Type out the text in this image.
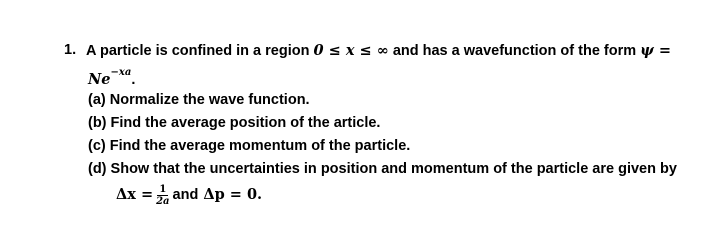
1. A particle is confined in a region 0 ≤ x ≤ ∞ and has a wavefunction of the form ψ =
$Ne^{-xa}$.
(a) Normalize the wave function.
(b) Find the average position of the article.
(c) Find the average momentum of the particle.
(d) Show that the uncertainties in position and momentum of the particle are given by
$\Delta x = \frac{1}{2a}$ and Δp = 0.
